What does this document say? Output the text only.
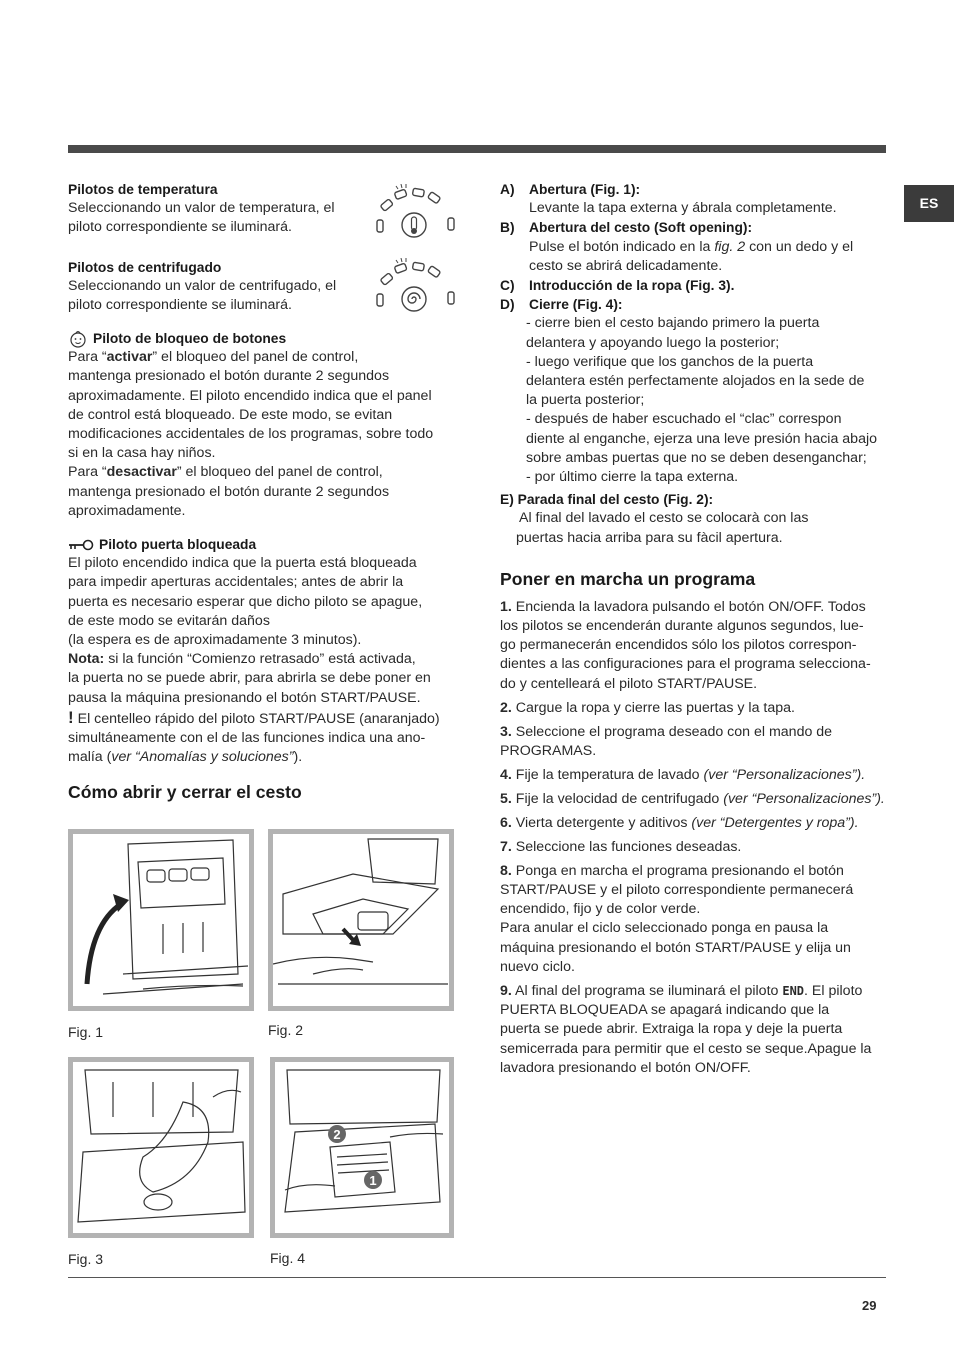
ES
Pilotos de temperatura

Seleccionando un valor de temperatura, el

piloto correspondiente se iluminará.

Pilotos de centrifugado

Seleccionando un valor de centrifugado, el

piloto correspondiente se iluminará.

Piloto de bloqueo de botones

Para “activar” el bloqueo del panel de control,

mantenga presionado el botón durante 2 segundos

aproximadamente. El piloto encendido indica que el panel

de control está bloqueado. De este modo, se evitan

modificaciones accidentales de los programas, sobre todo

si en la casa hay niños.

Para “desactivar” el bloqueo del panel de control,

mantenga presionado el botón durante 2 segundos

aproximadamente.

Piloto puerta bloqueada

El piloto encendido indica que la puerta está bloqueada

para impedir aperturas accidentales; antes de abrir la

puerta es necesario esperar que dicho piloto se apague,

de este modo se evitarán daños

(la espera es de aproximadamente 3 minutos).

Nota: si la función “Comienzo retrasado” está activada,

la puerta no se puede abrir, para abrirla se debe poner en

pausa la máquina presionando el botón START/PAUSE.

! El centelleo rápido del piloto START/PAUSE (anaranjado)

simultáneamente con el de las funciones indica una ano-

malía (ver “Anomalías y soluciones”).

Cómo abrir y cerrar el cesto
Fig. 1	Fig. 2
Fig. 3
2
1
Fig. 4
A) Abertura (Fig. 1):

Levante la tapa externa y ábrala completamente.

B) Abertura del cesto (Soft opening):

Pulse el botón indicado en la fig. 2 con un dedo y el

cesto se abrirá delicadamente.

C) Introducción de la ropa (Fig. 3).
D) Cierre (Fig. 4):

- cierre bien el cesto bajando primero la puerta

delantera y apoyando luego la posterior;

- luego verifique que los ganchos de la puerta

delantera estén perfectamente alojados en la sede de

la puerta posterior;

- después de haber escuchado el “clac” correspon

diente al enganche, ejerza una leve presión hacia abajo

sobre ambas puertas que no se deben desenganchar;

- por último cierre la tapa externa.

E) Parada final del cesto (Fig. 2):

Al final del lavado el cesto se colocarà con las

puertas hacia arriba para su fàcil apertura.

Poner en marcha un programa

1. Encienda la lavadora pulsando el botón ON/OFF. Todos

los pilotos se encenderán durante algunos segundos, lue-

go permanecerán encendidos sólo los pilotos correspon-

dientes a las configuraciones para el programa selecciona-

do y centelleará el piloto START/PAUSE.

2. Cargue la ropa y cierre las puertas y la tapa.

3. Seleccione el programa deseado con el mando de

PROGRAMAS.

4. Fije la temperatura de lavado (ver “Personalizaciones”).

5. Fije la velocidad de centrifugado (ver “Personalizaciones”).

6. Vierta detergente y aditivos (ver “Detergentes y ropa”).

7. Seleccione las funciones deseadas.

8. Ponga en marcha el programa presionando el botón

START/PAUSE y el piloto correspondiente permanecerá

encendido, fijo y de color verde.

Para anular el ciclo seleccionado ponga en pausa la

máquina presionando el botón START/PAUSE y elija un

nuevo ciclo.

9. Al final del programa se iluminará el piloto END. El piloto

PUERTA BLOQUEADA se apagará indicando que la

puerta se puede abrir. Extraiga la ropa y deje la puerta

semicerrada para permitir que el cesto se seque.Apague la

lavadora presionando el botón ON/OFF.

29
